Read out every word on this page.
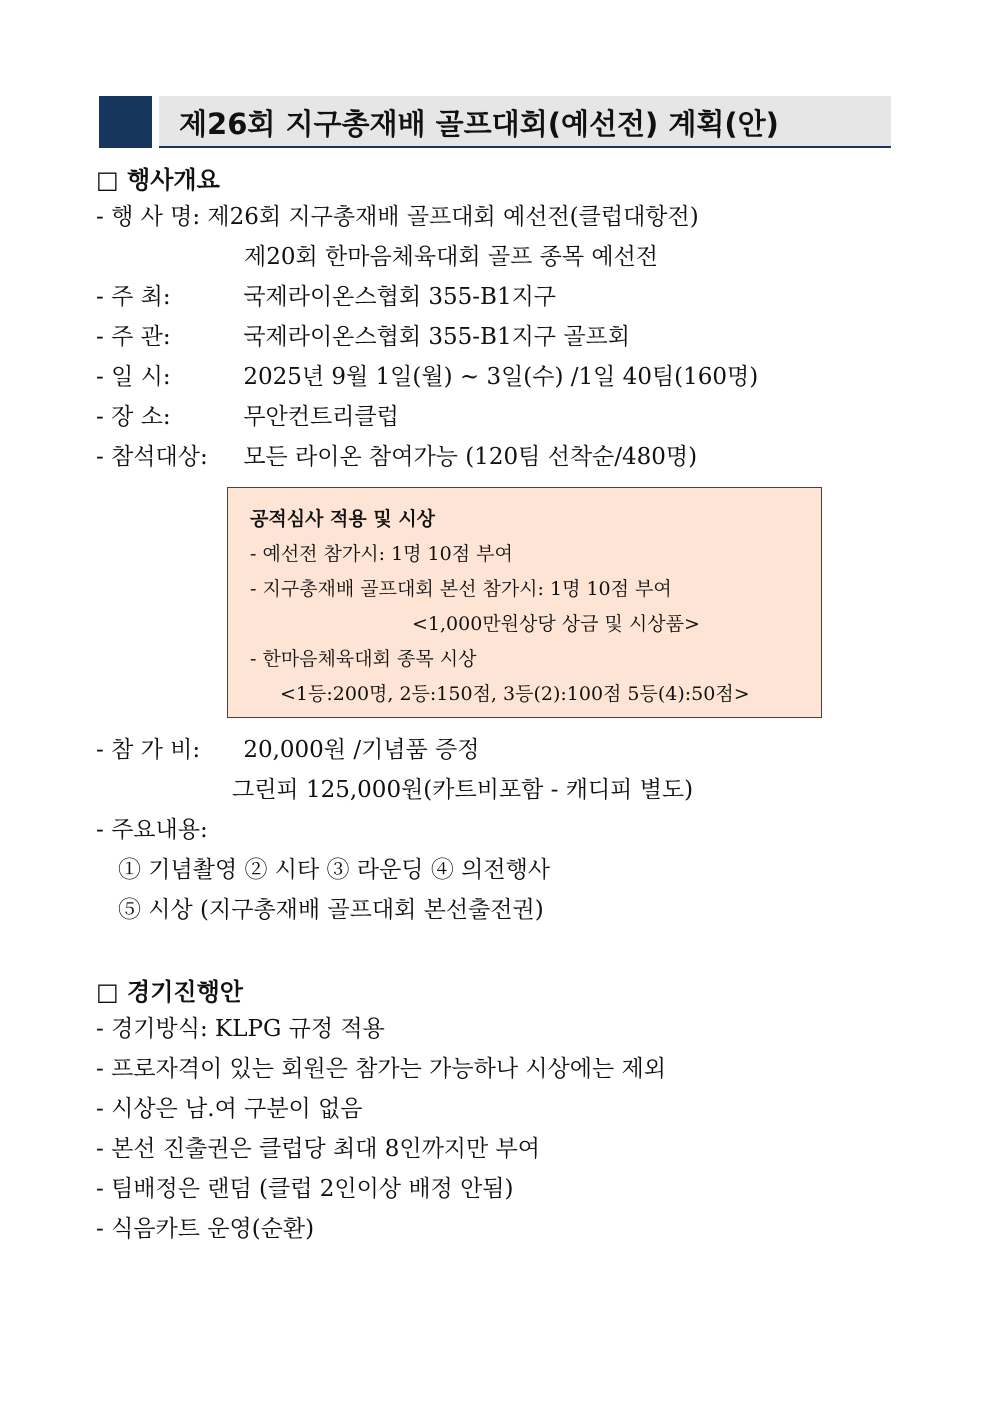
제26회 지구총재배 골프대회(예선전) 계획(안)
□ 행사개요
- 행 사 명: 제26회 지구총재배 골프대회 예선전(클럽대항전)
제20회 한마음체육대회 골프 종목 예선전
- 주 최:	국제라이온스협회 355-B1지구
- 주 관:	국제라이온스협회 355-B1지구 골프회
- 일 시:	2025년 9월 1일(월) ~ 3일(수) /1일 40팀(160명)
- 장 소:	무안컨트리클럽
- 참석대상: 모든 라이온 참여가능 (120팀 선착순/480명)
공적심사 적용 및 시상
- 예선전 참가시: 1명 10점 부여
- 지구총재배 골프대회 본선 참가시: 1명 10점 부여
<1,000만원상당 상금 및 시상품>
- 한마음체육대회 종목 시상
<1등:200명, 2등:150점, 3등(2):100점 5등(4):50점>
- 참 가 비: 20,000원 /기념품 증정
그린피 125,000원(카트비포함 - 캐디피 별도)
- 주요내용:
① 기념촬영 ② 시타 ③ 라운딩 ④ 의전행사
⑤ 시상 (지구총재배 골프대회 본선출전권)
□ 경기진행안
- 경기방식: KLPG 규정 적용
- 프로자격이 있는 회원은 참가는 가능하나 시상에는 제외
- 시상은 남.여 구분이 없음
- 본선 진출권은 클럽당 최대 8인까지만 부여
- 팀배정은 랜덤 (클럽 2인이상 배정 안됨)
- 식음카트 운영(순환)
